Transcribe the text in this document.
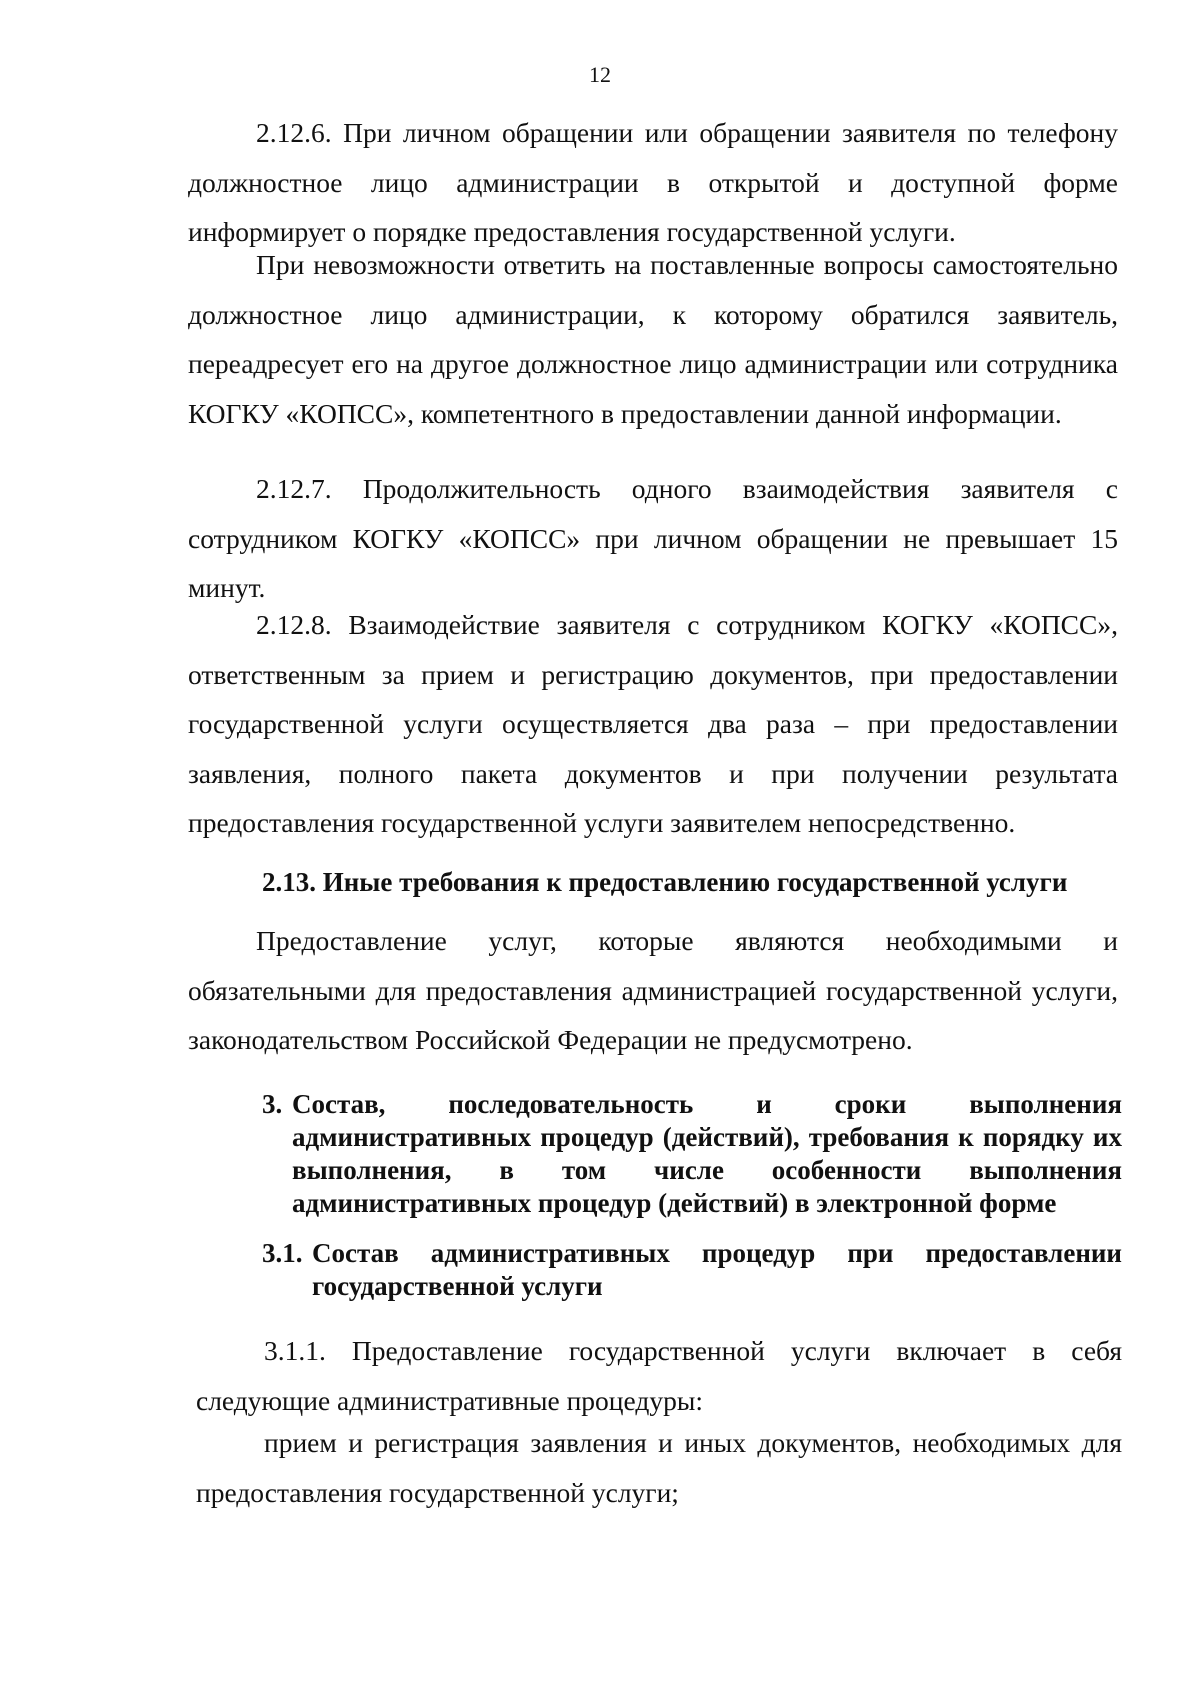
12

2.12.6. При личном обращении или обращении заявителя по телефону должностное лицо администрации в открытой и доступной форме информирует о порядке предоставления государственной услуги.

При невозможности ответить на поставленные вопросы самостоятельно должностное лицо администрации, к которому обратился заявитель, переадресует его на другое должностное лицо администрации или сотрудника КОГКУ «КОПСС», компетентного в предоставлении данной информации.

2.12.7. Продолжительность одного взаимодействия заявителя с сотрудником КОГКУ «КОПСС» при личном обращении не превышает 15 минут.

2.12.8. Взаимодействие заявителя с сотрудником КОГКУ «КОПСС», ответственным за прием и регистрацию документов, при предоставлении государственной услуги осуществляется два раза – при предоставлении заявления, полного пакета документов и при получении результата предоставления государственной услуги заявителем непосредственно.

2.13. Иные требования к предоставлению государственной услуги

Предоставление услуг, которые являются необходимыми и обязательными для предоставления администрацией государственной услуги, законодательством Российской Федерации не предусмотрено.

3. Состав, последовательность и сроки выполнения административных процедур (действий), требования к порядку их выполнения, в том числе особенности выполнения административных процедур (действий) в электронной форме
3.1. Состав административных процедур при предоставлении государственной услуги

3.1.1. Предоставление государственной услуги включает в себя следующие административные процедуры:

прием и регистрация заявления и иных документов, необходимых для предоставления государственной услуги;
